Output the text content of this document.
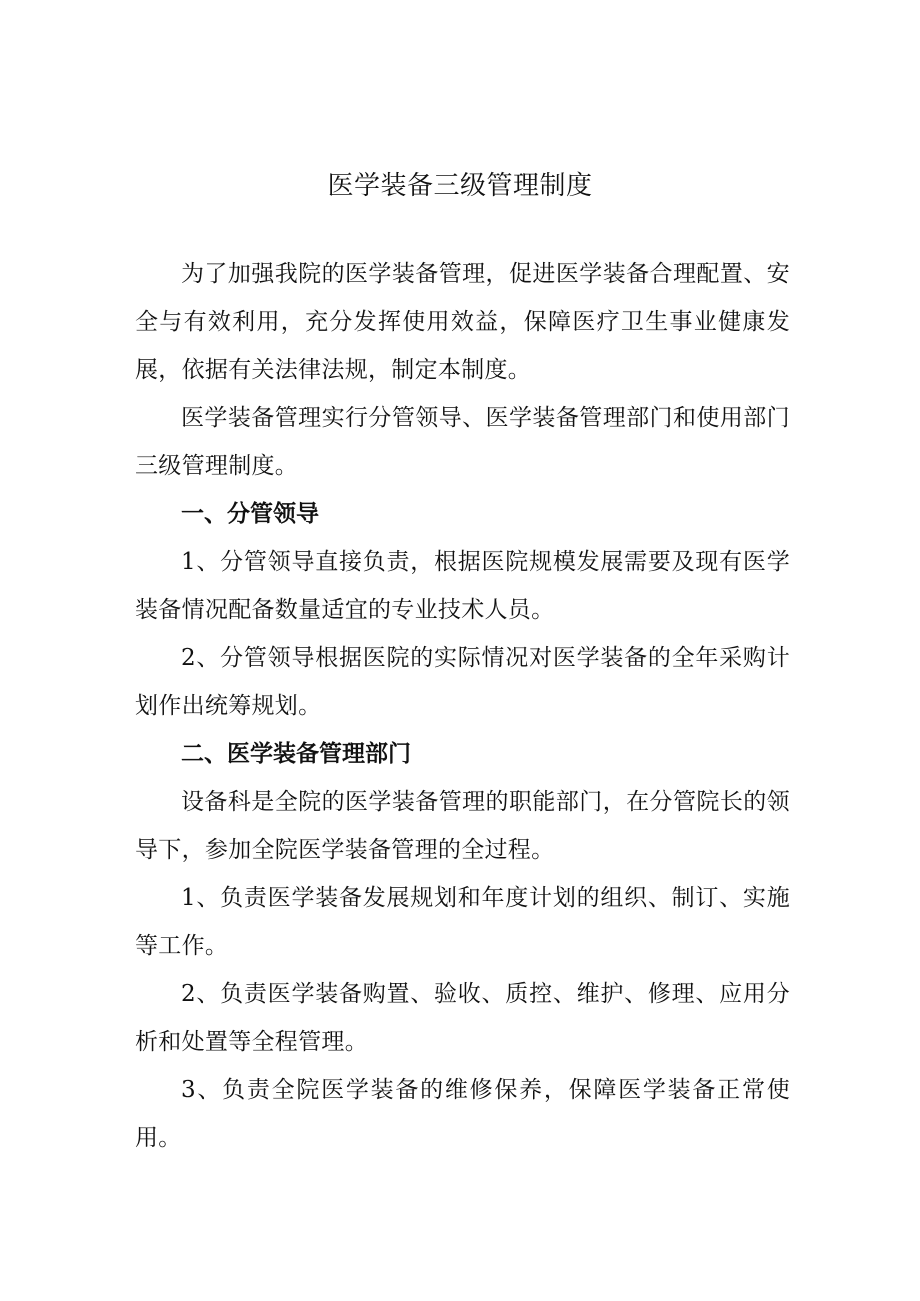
医学装备三级管理制度

为了加强我院的医学装备管理，促进医学装备合理配置、安全与有效利用，充分发挥使用效益，保障医疗卫生事业健康发展，依据有关法律法规，制定本制度。

医学装备管理实行分管领导、医学装备管理部门和使用部门三级管理制度。

一、分管领导

1、分管领导直接负责，根据医院规模发展需要及现有医学装备情况配备数量适宜的专业技术人员。

2、分管领导根据医院的实际情况对医学装备的全年采购计划作出统筹规划。

二、医学装备管理部门

设备科是全院的医学装备管理的职能部门，在分管院长的领导下，参加全院医学装备管理的全过程。

1、负责医学装备发展规划和年度计划的组织、制订、实施等工作。

2、负责医学装备购置、验收、质控、维护、修理、应用分析和处置等全程管理。

3、负责全院医学装备的维修保养，保障医学装备正常使用。
